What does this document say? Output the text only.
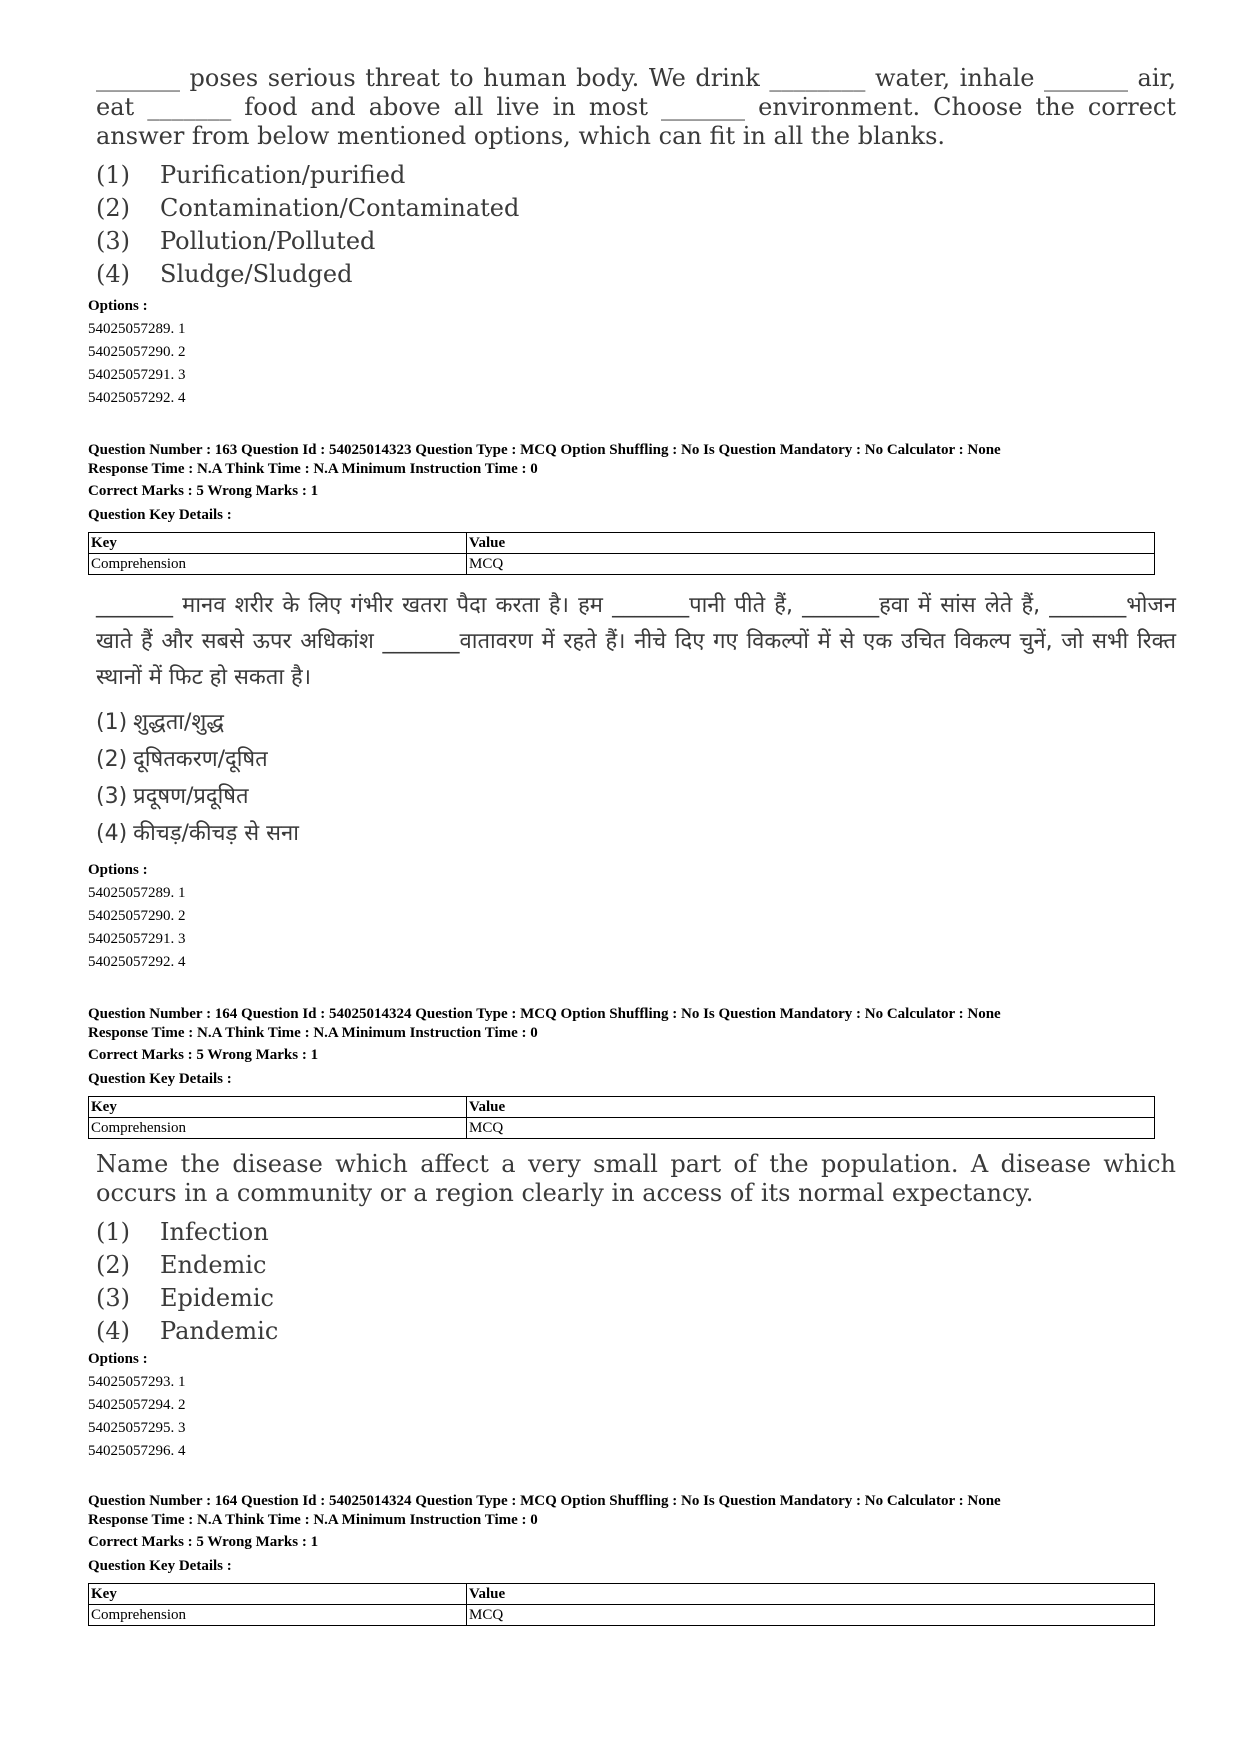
_______ poses serious threat to human body. We drink ________ water, inhale _______ air, eat _______ food and above all live in most _______ environment. Choose the correct answer from below mentioned options, which can fit in all the blanks.

(1)	Purification/purified
(2)	Contamination/Contaminated
(3)	Pollution/Polluted
(4)	Sludge/Sludged
Options :
54025057289. 1
54025057290. 2
54025057291. 3
54025057292. 4
Question Number : 163 Question Id : 54025014323 Question Type : MCQ Option Shuffling : No Is Question Mandatory : No Calculator : None
Response Time : N.A Think Time : N.A Minimum Instruction Time : 0
Correct Marks : 5 Wrong Marks : 1
Question Key Details :
Key	Value
Comprehension	MCQ

_______ मानव शरीर के लिए गंभीर खतरा पैदा करता है। हम _______पानी पीते हैं, _______हवा में सांस लेते हैं, _______भोजन खाते हैं और सबसे ऊपर अधिकांश _______वातावरण में रहते हैं। नीचे दिए गए विकल्पों में से एक उचित विकल्प चुनें, जो सभी रिक्त स्थानों में फिट हो सकता है।

(1) शुद्धता/शुद्ध
(2) दूषितकरण/दूषित
(3) प्रदूषण/प्रदूषित
(4) कीचड़/कीचड़ से सना
Options :
54025057289. 1
54025057290. 2
54025057291. 3
54025057292. 4
Question Number : 164 Question Id : 54025014324 Question Type : MCQ Option Shuffling : No Is Question Mandatory : No Calculator : None
Response Time : N.A Think Time : N.A Minimum Instruction Time : 0
Correct Marks : 5 Wrong Marks : 1
Question Key Details :
Key	Value
Comprehension	MCQ

Name the disease which affect a very small part of the population. A disease which occurs in a community or a region clearly in access of its normal expectancy.

(1)	Infection
(2)	Endemic
(3)	Epidemic
(4)	Pandemic
Options :
54025057293. 1
54025057294. 2
54025057295. 3
54025057296. 4
Question Number : 164 Question Id : 54025014324 Question Type : MCQ Option Shuffling : No Is Question Mandatory : No Calculator : None
Response Time : N.A Think Time : N.A Minimum Instruction Time : 0
Correct Marks : 5 Wrong Marks : 1
Question Key Details :
Key	Value
Comprehension	MCQ
